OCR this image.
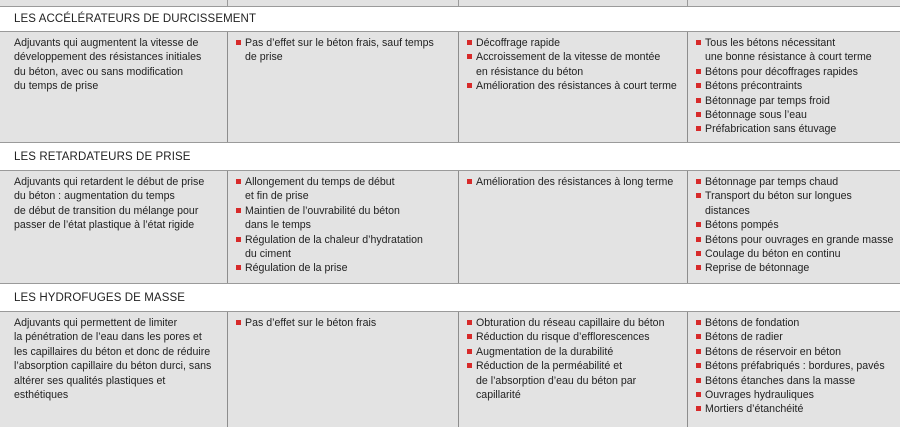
LES ACCÉLÉRATEURS DE DURCISSEMENT
Adjuvants qui augmentent la vitesse de
développement des résistances initiales
du béton, avec ou sans modification
du temps de prise
Pas d’effet sur le béton frais, sauf temps
de prise
Décoffrage rapide
Accroissement de la vitesse de montée
en résistance du béton
Amélioration des résistances à court terme
Tous les bétons nécessitant
une bonne résistance à court terme
Bétons pour décoffrages rapides
Bétons précontraints
Bétonnage par temps froid
Bétonnage sous l’eau
Préfabrication sans étuvage
LES RETARDATEURS DE PRISE
Adjuvants qui retardent le début de prise
du béton : augmentation du temps
de début de transition du mélange pour
passer de l’état plastique à l’état rigide
Allongement du temps de début
et fin de prise
Maintien de l’ouvrabilité du béton
dans le temps
Régulation de la chaleur d’hydratation
du ciment
Régulation de la prise
Amélioration des résistances à long terme	Bétonnage par temps chaud
Transport du béton sur longues
distances
Bétons pompés
Bétons pour ouvrages en grande masse
Coulage du béton en continu
Reprise de bétonnage
LES HYDROFUGES DE MASSE
Adjuvants qui permettent de limiter
la pénétration de l’eau dans les pores et
les capillaires du béton et donc de réduire
l’absorption capillaire du béton durci, sans
altérer ses qualités plastiques et esthétiques
Pas d’effet sur le béton frais	Obturation du réseau capillaire du béton
Réduction du risque d’efflorescences
Augmentation de la durabilité
Réduction de la perméabilité et
de l’absorption d’eau du béton par capillarité
Bétons de fondation
Bétons de radier
Bétons de réservoir en béton
Bétons préfabriqués : bordures, pavés
Bétons étanches dans la masse
Ouvrages hydrauliques
Mortiers d’étanchéité
